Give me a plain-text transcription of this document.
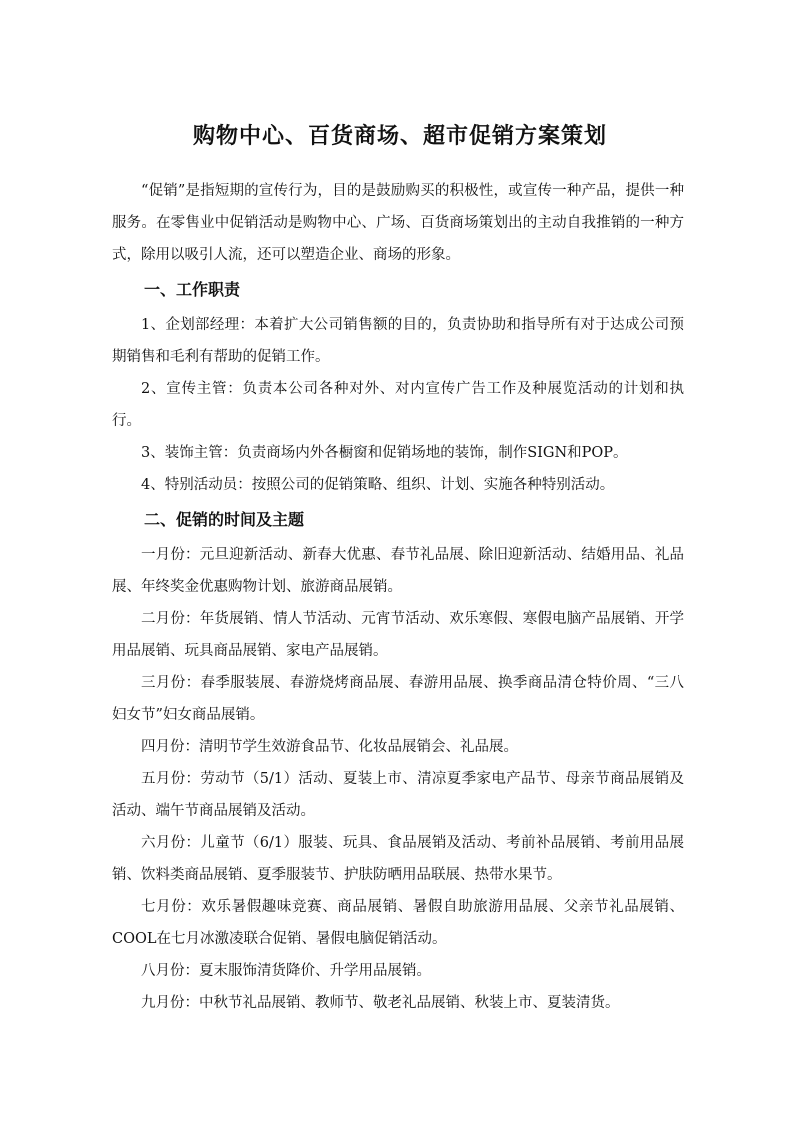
购物中心、百货商场、超市促销方案策划

“促销”是指短期的宣传行为，目的是鼓励购买的积极性，或宣传一种产品，提供一种服务。在零售业中促销活动是购物中心、广场、百货商场策划出的主动自我推销的一种方式，除用以吸引人流，还可以塑造企业、商场的形象。

一、工作职责

1、企划部经理：本着扩大公司销售额的目的，负责协助和指导所有对于达成公司预期销售和毛利有帮助的促销工作。

2、宣传主管：负责本公司各种对外、对内宣传广告工作及种展览活动的计划和执行。

3、装饰主管：负责商场内外各橱窗和促销场地的装饰，制作SIGN和POP。

4、特别活动员：按照公司的促销策略、组织、计划、实施各种特别活动。

二、促销的时间及主题

一月份：元旦迎新活动、新春大优惠、春节礼品展、除旧迎新活动、结婚用品、礼品展、年终奖金优惠购物计划、旅游商品展销。

二月份：年货展销、情人节活动、元宵节活动、欢乐寒假、寒假电脑产品展销、开学用品展销、玩具商品展销、家电产品展销。

三月份：春季服装展、春游烧烤商品展、春游用品展、换季商品清仓特价周、“三八妇女节”妇女商品展销。

四月份：清明节学生效游食品节、化妆品展销会、礼品展。

五月份：劳动节（5/1）活动、夏装上市、清凉夏季家电产品节、母亲节商品展销及活动、端午节商品展销及活动。

六月份：儿童节（6/1）服装、玩具、食品展销及活动、考前补品展销、考前用品展销、饮料类商品展销、夏季服装节、护肤防晒用品联展、热带水果节。

七月份：欢乐暑假趣味竞赛、商品展销、暑假自助旅游用品展、父亲节礼品展销、COOL在七月冰激凌联合促销、暑假电脑促销活动。

八月份：夏末服饰清货降价、升学用品展销。

九月份：中秋节礼品展销、教师节、敬老礼品展销、秋装上市、夏装清货。
